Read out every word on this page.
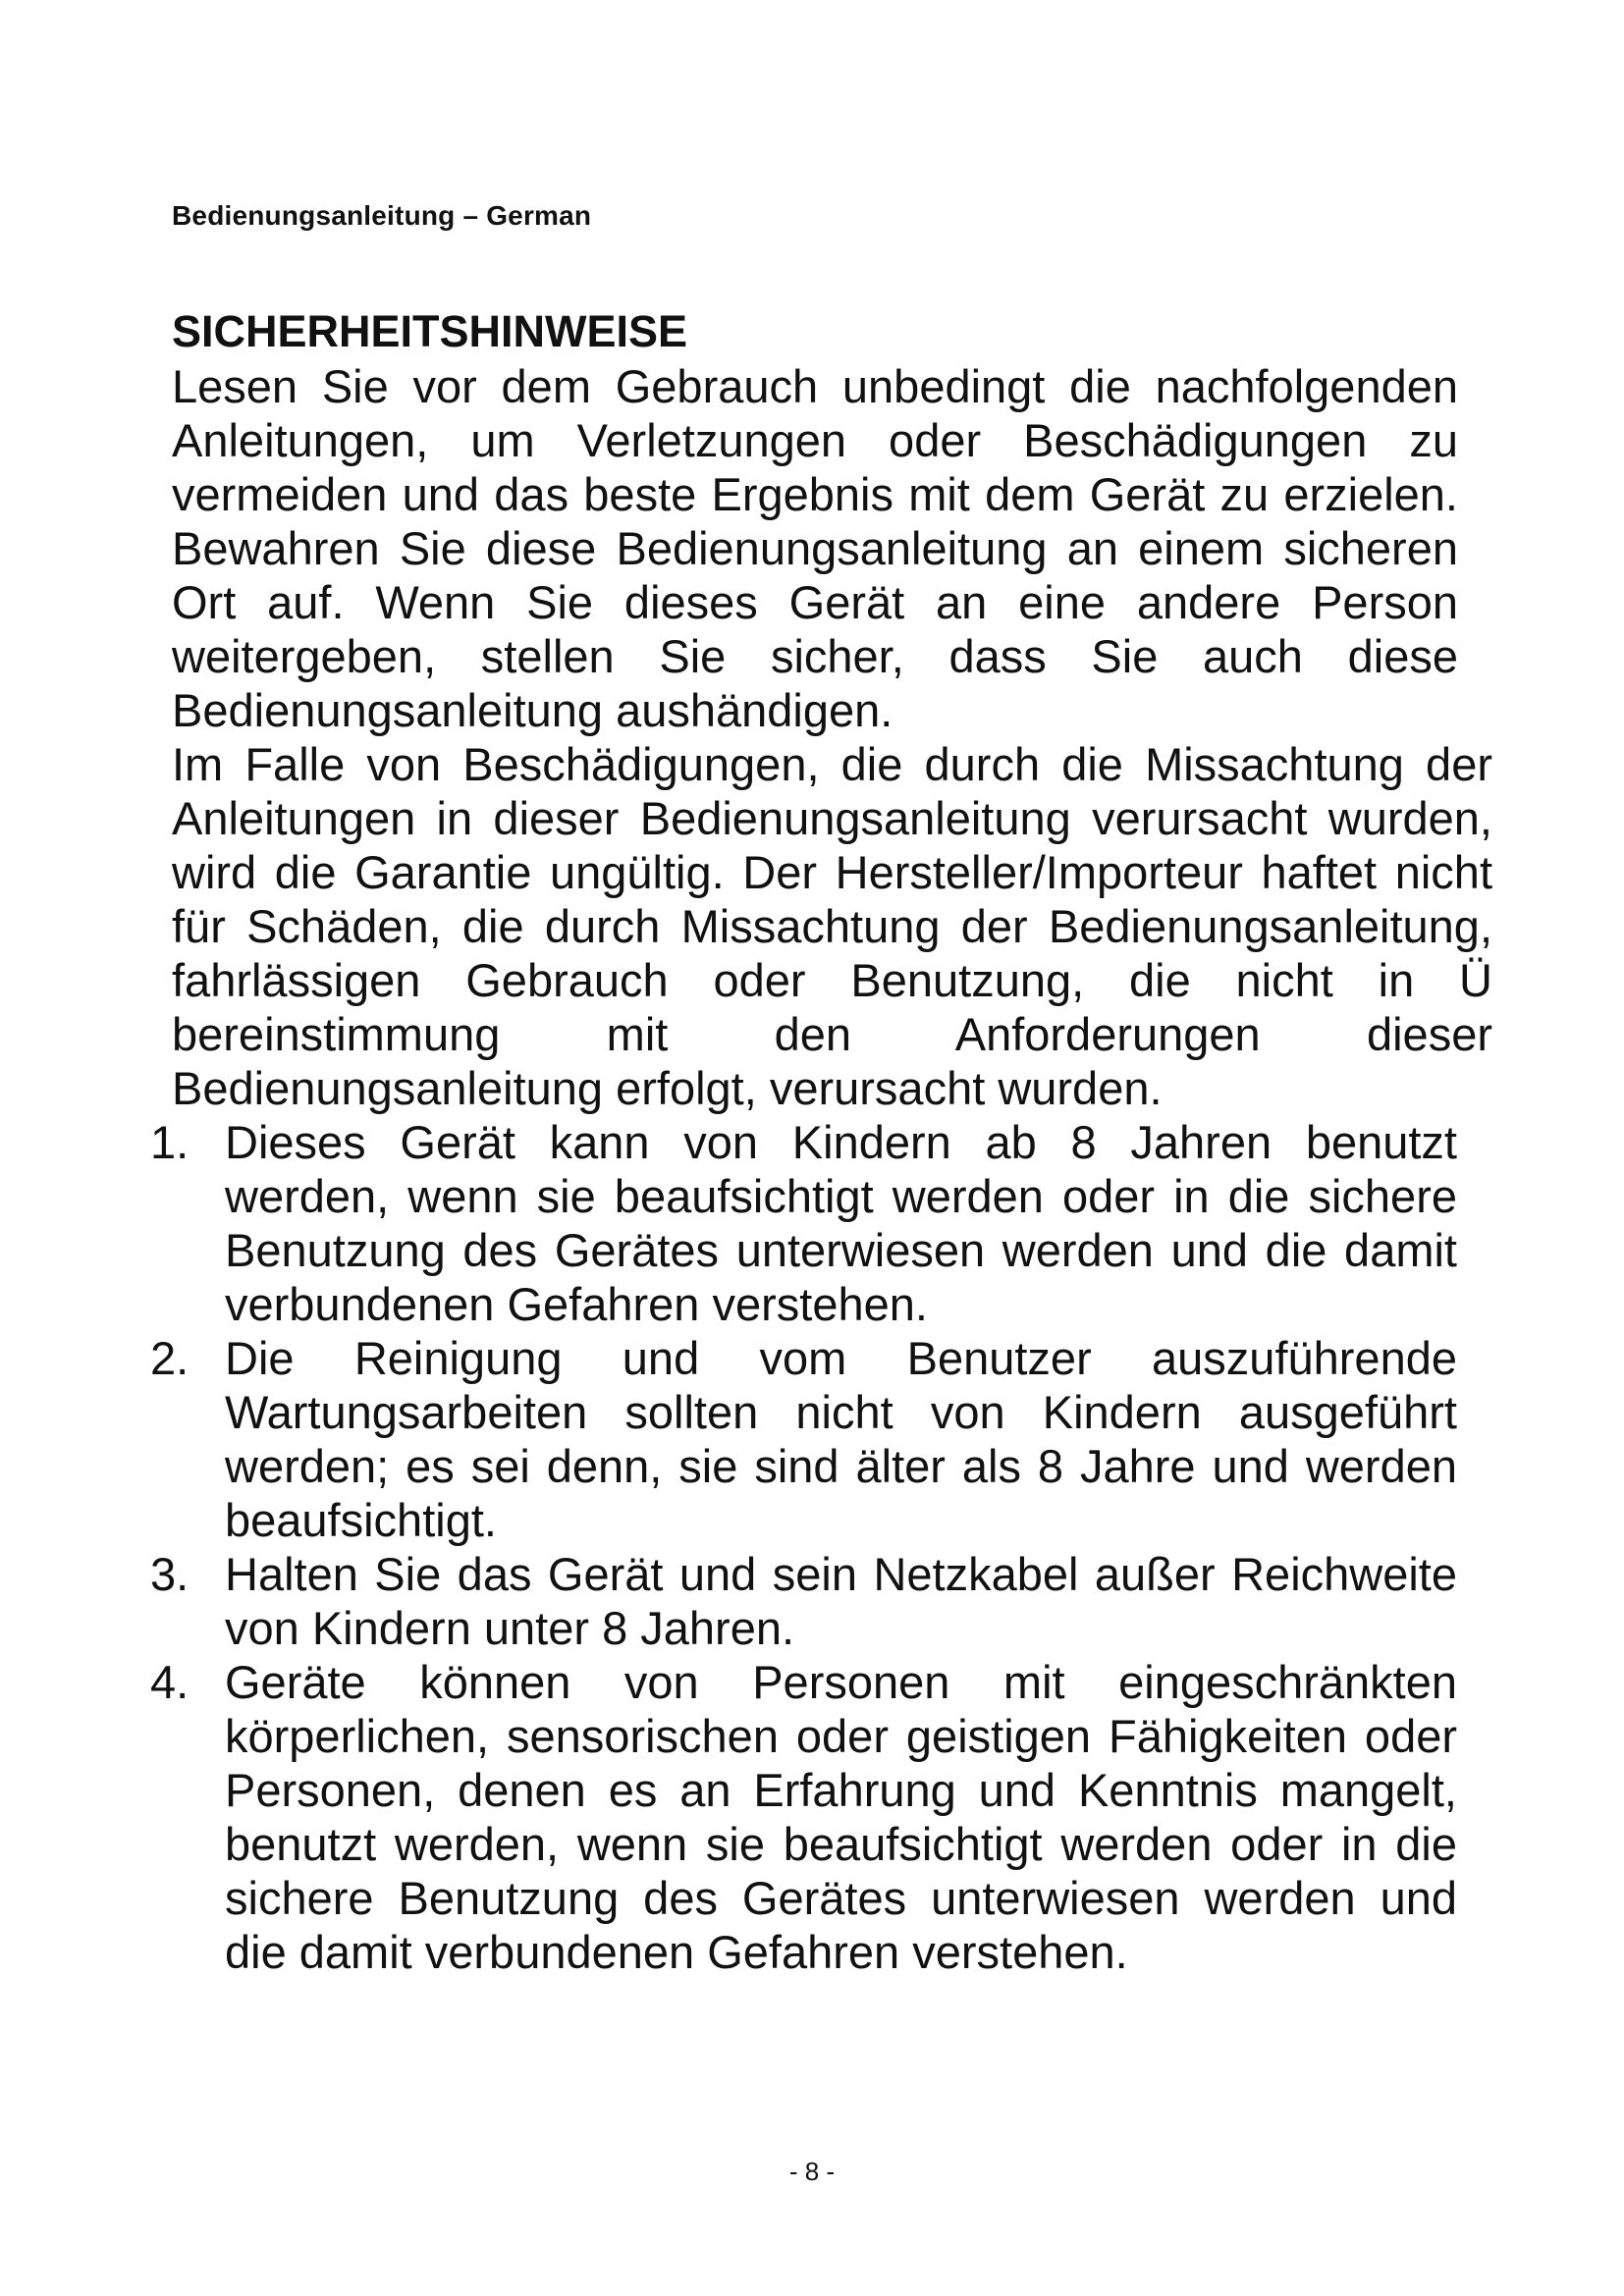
Bedienungsanleitung – German
SICHERHEITSHINWEISE

Lesen Sie vor dem Gebrauch unbedingt die nachfolgenden Anleitungen, um Verletzungen oder Beschädigungen zu vermeiden und das beste Ergebnis mit dem Gerät zu erzielen. Bewahren Sie diese Bedienungsanleitung an einem sicheren Ort auf. Wenn Sie dieses Gerät an eine andere Person weitergeben, stellen Sie sicher, dass Sie auch diese Bedienungsanleitung aushändigen.

Im Falle von Beschädigungen, die durch die Missachtung der Anleitungen in dieser Bedienungsanleitung verursacht wurden, wird die Garantie ungültig. Der Hersteller/Importeur haftet nicht für Schäden, die durch Missachtung der Bedienungsanleitung, fahrlässigen Gebrauch oder Benutzung, die nicht in Ü bereinstimmung mit den Anforderungen dieser Bedienungsanleitung erfolgt, verursacht wurden.

1. Dieses Gerät kann von Kindern ab 8 Jahren benutzt werden, wenn sie beaufsichtigt werden oder in die sichere Benutzung des Gerätes unterwiesen werden und die damit verbundenen Gefahren verstehen.
2. Die Reinigung und vom Benutzer auszuführende Wartungsarbeiten sollten nicht von Kindern ausgeführt werden; es sei denn, sie sind älter als 8 Jahre und werden beaufsichtigt.
3. Halten Sie das Gerät und sein Netzkabel außer Reichweite von Kindern unter 8 Jahren.
4. Geräte können von Personen mit eingeschränkten körperlichen, sensorischen oder geistigen Fähigkeiten oder Personen, denen es an Erfahrung und Kenntnis mangelt, benutzt werden, wenn sie beaufsichtigt werden oder in die sichere Benutzung des Gerätes unterwiesen werden und die damit verbundenen Gefahren verstehen.
- 8 -
